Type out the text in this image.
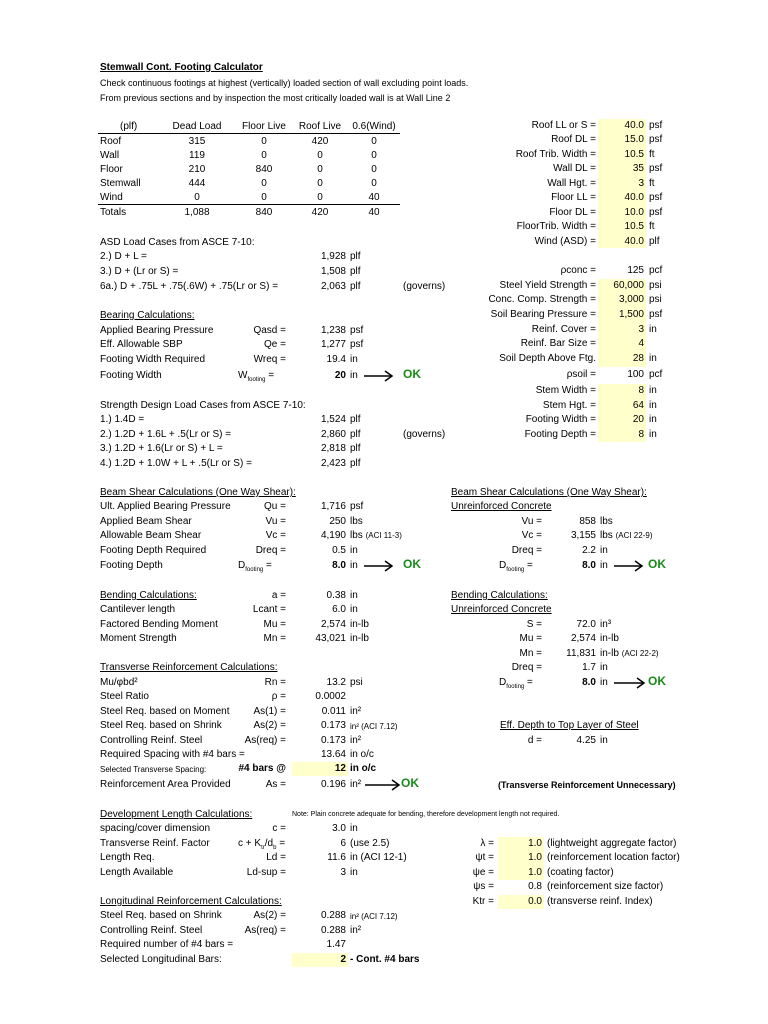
Stemwall Cont. Footing Calculator
Check continuous footings at highest (vertically) loaded section of wall excluding point loads.
From previous sections and by inspection the most critically loaded wall is at Wall Line 2
(plf)	Dead Load	Floor Live	Roof Live	0.6(Wind)
Roof	315	0	420	0
Wall	119	0	0	0
Floor	210	840	0	0
Stemwall	444	0	0	0
Wind	0	0	0	40
Totals	1,088	840	420	40
Roof LL or S =	40.0 psf
Roof DL =	15.0 psf
Roof Trib. Width =	10.5 ft
Wall DL =	35 psf
Wall Hgt. =	3 ft
Floor LL =	40.0 psf
Floor DL =	10.0 psf
FloorTrib. Width =	10.5 ft
Wind (ASD) =	40.0 plf
ρconc =	125 pcf
Steel Yield Strength =	60,000 psi
Conc. Comp. Strength =	3,000 psi
Soil Bearing Pressure =	1,500 psf
Reinf. Cover =	3 in
Reinf. Bar Size =	4
Soil Depth Above Ftg.	28 in
ρsoil =	100 pcf
Stem Width =	8 in
Stem Hgt. =	64 in
Footing Width =	20 in
Footing Depth =	8 in
ASD Load Cases from ASCE 7-10:
2.) D + L =	1,928 plf
3.) D + (Lr or S) =	1,508 plf
6a.) D + .75L + .75(.6W) + .75(Lr or S) =	2,063 plf	(governs)
Bearing Calculations:
Applied Bearing Pressure	Qasd =	1,238 psf
Eff. Allowable SBP	Qe =	1,277 psf
Footing Width Required	Wreq =	19.4 in
Footing Width	$W_{footing}$ =	20 in	OK
Strength Design Load Cases from ASCE 7-10:
1.) 1.4D =	1,524 plf
2.) 1.2D + 1.6L + .5(Lr or S) =	2,860 plf	(governs)
3.) 1.2D + 1.6(Lr or S) + L =	2,818 plf
4.) 1.2D + 1.0W + L + .5(Lr or S) =	2,423 plf
Beam Shear Calculations (One Way Shear):
Ult. Applied Bearing Pressure	Qu =	1,716 psf
Applied Beam Shear	Vu =	250 lbs
Allowable Beam Shear	Vc =	4,190 lbs (ACI 11-3)
Footing Depth Required	Dreq =	0.5 in
Footing Depth	$D_{footing}$ =	8.0 in	OK
Beam Shear Calculations (One Way Shear):
Unreinforced Concrete
Vu =	858 lbs
Vc =	3,155 lbs (ACI 22-9)
Dreq =	2.2 in
$D_{footing}$ =	8.0 in	OK
Bending Calculations:	a =	0.38 in
Cantilever length	Lcant =	6.0 in
Factored Bending Moment	Mu =	2,574 in-lb
Moment Strength	Mn =	43,021 in-lb
Bending Calculations:
Unreinforced Concrete
S =	72.0 in³
Mu =	2,574 in-lb
Mn =	11,831 in-lb (ACI 22-2)
Dreq =	1.7 in
$D_{footing}$ =	8.0 in	OK
Transverse Reinforcement Calculations:
Mu/φbd²	Rn =	13.2 psi
Steel Ratio	ρ =	0.0002
Steel Req. based on Moment	As(1) =	0.011 in²
Steel Req. based on Shrink	As(2) =	0.173 in² (ACI 7.12)
Controlling Reinf. Steel	As(req) =	0.173 in²
Required Spacing with #4 bars =	13.64 in o/c
Selected Transverse Spacing:	#4 bars @	12 in o/c
Reinforcement Area Provided	As =	0.196 in²	OK
Eff. Depth to Top Layer of Steel
d =	4.25 in
(Transverse Reinforcement Unnecessary)
Development Length Calculations:	Note: Plain concrete adequate for bending, therefore development length not required.
spacing/cover dimension	c =	3.0 in
Transverse Reinf. Factor	$c + K_{tr}/d_b$ =	6 (use 2.5)
Length Req.	Ld =	11.6 in (ACI 12-1)
Length Available	Ld-sup =	3 in
λ =	1.0 (lightweight aggregate factor)
ψt =	1.0 (reinforcement location factor)
ψe =	1.0 (coating factor)
ψs =	0.8 (reinforcement size factor)
Ktr =	0.0 (transverse reinf. Index)
Longitudinal Reinforcement Calculations:
Steel Req. based on Shrink	As(2) =	0.288 in² (ACI 7.12)
Controlling Reinf. Steel	As(req) =	0.288 in²
Required number of #4 bars =	1.47
Selected Longitudinal Bars:	2 - Cont. #4 bars
